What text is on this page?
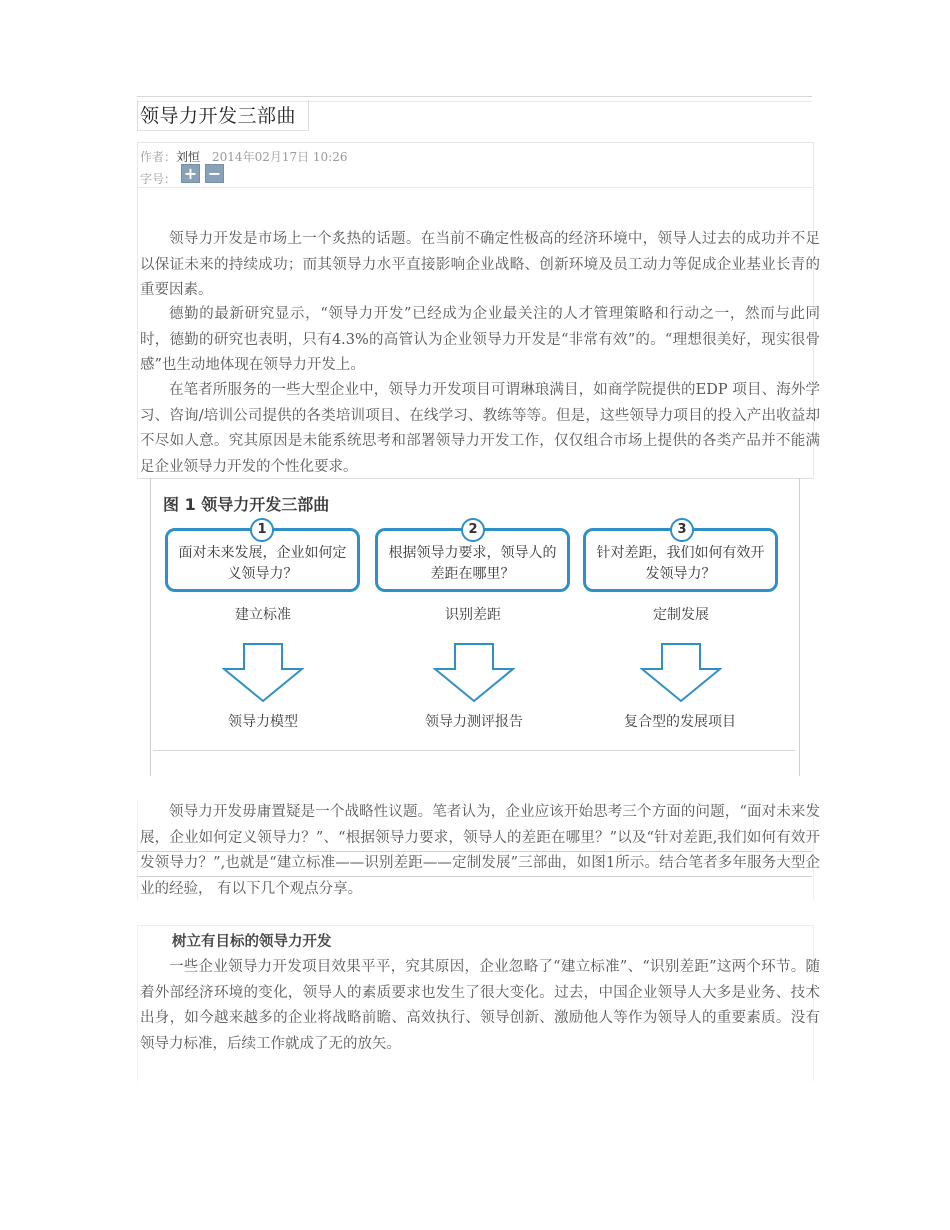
领导力开发三部曲
作者：刘恒 2014年02月17日 10:26
字号： + −

领导力开发是市场上一个炙热的话题。在当前不确定性极高的经济环境中，领导人过去的成功并不足以保证未来的持续成功；而其领导力水平直接影响企业战略、创新环境及员工动力等促成企业基业长青的重要因素。

德勤的最新研究显示，“领导力开发”已经成为企业最关注的人才管理策略和行动之一，然而与此同时，德勤的研究也表明，只有4.3%的高管认为企业领导力开发是“非常有效”的。“理想很美好，现实很骨感”也生动地体现在领导力开发上。

在笔者所服务的一些大型企业中，领导力开发项目可谓琳琅满目，如商学院提供的EDP 项目、海外学习、咨询/培训公司提供的各类培训项目、在线学习、教练等等。但是，这些领导力项目的投入产出收益却不尽如人意。究其原因是未能系统思考和部署领导力开发工作，仅仅组合市场上提供的各类产品并不能满足企业领导力开发的个性化要求。

图 1 领导力开发三部曲
面对未来发展，企业如何定义领导力？
1
建立标准
根据领导力要求，领导人的差距在哪里？
2
识别差距
针对差距，我们如何有效开发领导力？
3
定制发展
领导力模型	领导力测评报告	复合型的发展项目

领导力开发毋庸置疑是一个战略性议题。笔者认为，企业应该开始思考三个方面的问题，“面对未来发展，企业如何定义领导力？”、“根据领导力要求，领导人的差距在哪里？”以及“针对差距,我们如何有效开发领导力？”,也就是“建立标准——识别差距——定制发展”三部曲，如图1所示。结合笔者多年服务大型企业的经验， 有以下几个观点分享。

树立有目标的领导力开发

一些企业领导力开发项目效果平平，究其原因，企业忽略了“建立标准”、“识别差距”这两个环节。随着外部经济环境的变化，领导人的素质要求也发生了很大变化。过去，中国企业领导人大多是业务、技术出身，如今越来越多的企业将战略前瞻、高效执行、领导创新、激励他人等作为领导人的重要素质。没有领导力标准，后续工作就成了无的放矢。
